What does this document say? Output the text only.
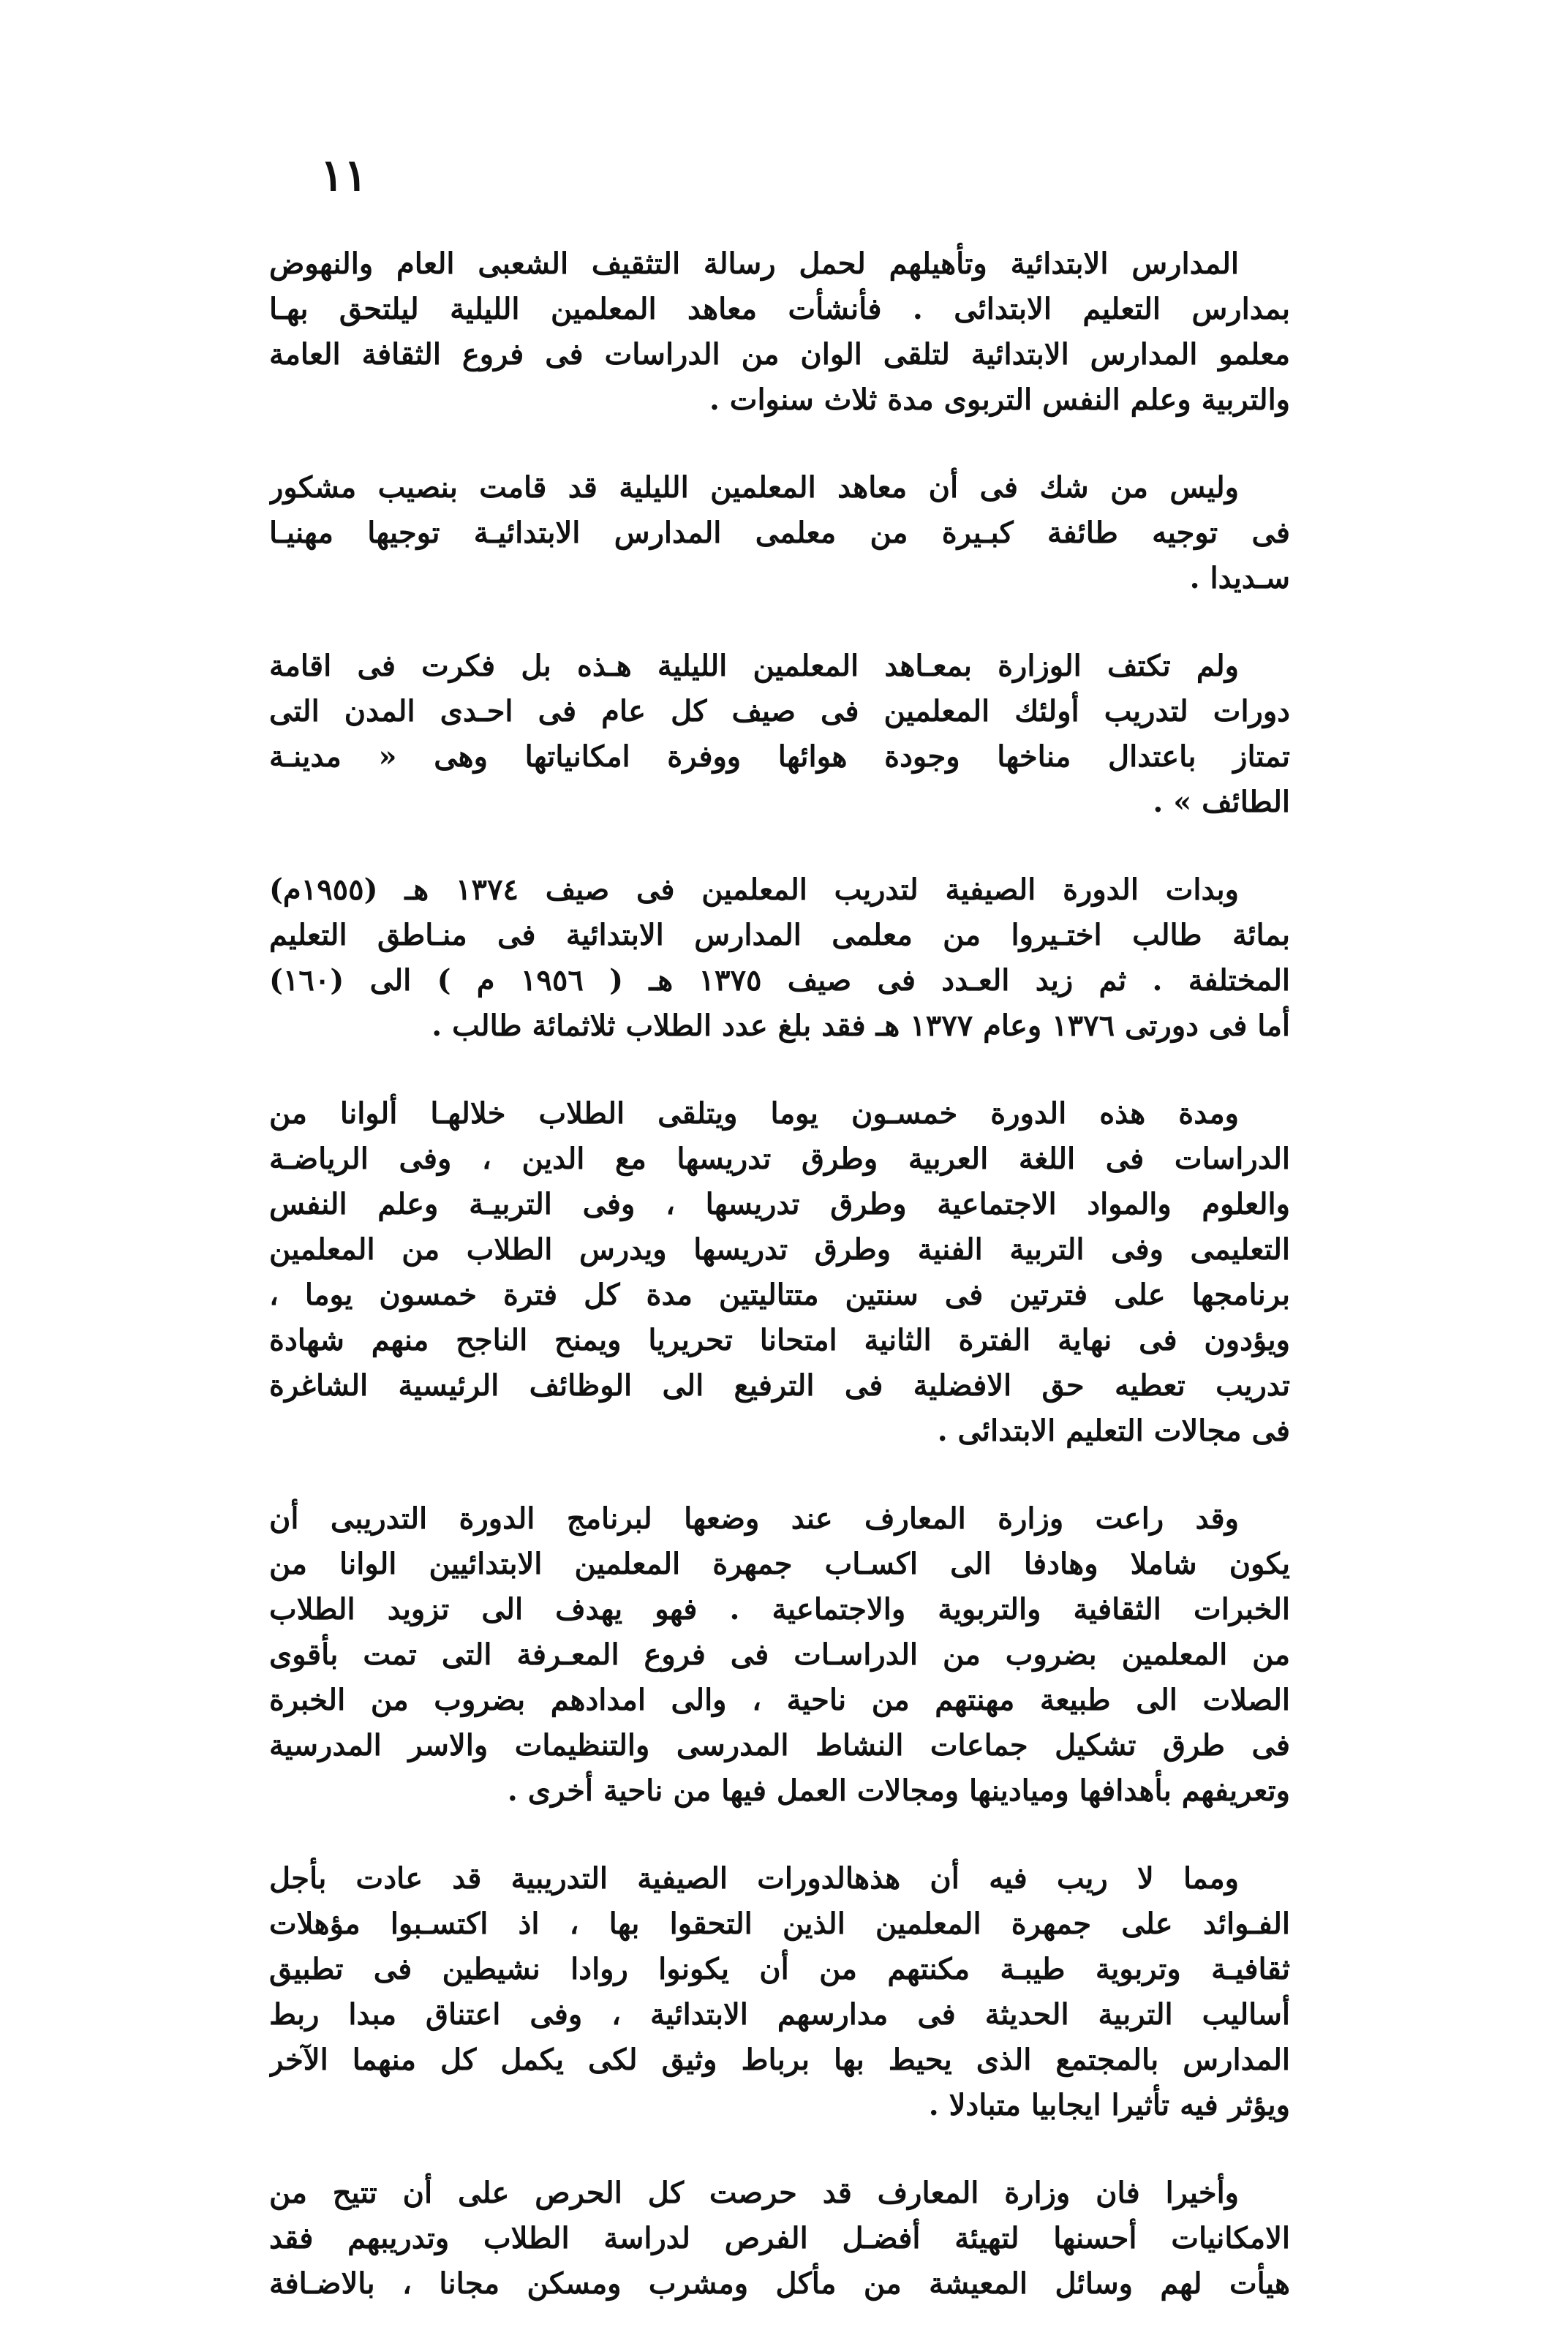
١١
المدارس الابتدائية وتأهيلهم لحمل رسالة التثقيف الشعبى العام والنهوض
بمدارس التعليم الابتدائى . فأنشأت معاهد المعلمين الليلية ليلتحق بهـا
معلمو المدارس الابتدائية لتلقى الوان من الدراسات فى فروع الثقافة العامة
والتربية وعلم النفس التربوى مدة ثلاث سنوات .
وليس من شك فى أن معاهد المعلمين الليلية قد قامت بنصيب مشكور
فى توجيه طائفة كبـيرة من معلمى المدارس الابتدائيـة توجيها مهنيـا
سـديدا .
ولم تكتف الوزارة بمعـاهد المعلمين الليلية هـذه بل فكرت فى اقامة
دورات لتدريب أولئك المعلمين فى صيف كل عام فى احـدى المدن التى
تمتاز باعتدال مناخها وجودة هوائها ووفرة امكانياتها وهى « مدينـة
الطائف » .
وبدات الدورة الصيفية لتدريب المعلمين فى صيف ١٣٧٤ هـ (١٩٥٥م)
بمائة طالب اختـيروا من معلمى المدارس الابتدائية فى منـاطق التعليم
المختلفة . ثم زيد العـدد فى صيف ١٣٧٥ هـ ( ١٩٥٦ م ) الى (١٦٠)
أما فى دورتى ١٣٧٦ وعام ١٣٧٧ هـ فقد بلغ عدد الطلاب ثلاثمائة طالب .
ومدة هذه الدورة خمسـون يوما ويتلقى الطلاب خلالهـا ألوانا من
الدراسات فى اللغة العربية وطرق تدريسها مع الدين ، وفى الرياضـة
والعلوم والمواد الاجتماعية وطرق تدريسها ، وفى التربيـة وعلم النفس
التعليمى وفى التربية الفنية وطرق تدريسها ويدرس الطلاب من المعلمين
برنامجها على فترتين فى سنتين متتاليتين مدة كل فترة خمسون يوما ،
ويؤدون فى نهاية الفترة الثانية امتحانا تحريريا ويمنح الناجح منهم شهادة
تدريب تعطيه حق الافضلية فى الترفيع الى الوظائف الرئيسية الشاغرة
فى مجالات التعليم الابتدائى .
وقد راعت وزارة المعارف عند وضعها لبرنامج الدورة التدريبى أن
يكون شاملا وهادفا الى اكسـاب جمهرة المعلمين الابتدائيين الوانا من
الخبرات الثقافية والتربوية والاجتماعية . فهو يهدف الى تزويد الطلاب
من المعلمين بضروب من الدراسـات فى فروع المعـرفة التى تمت بأقوى
الصلات الى طبيعة مهنتهم من ناحية ، والى امدادهم بضروب من الخبرة
فى طرق تشكيل جماعات النشاط المدرسى والتنظيمات والاسر المدرسية
وتعريفهم بأهدافها وميادينها ومجالات العمل فيها من ناحية أخرى .
ومما لا ريب فيه أن هذهالدورات الصيفية التدريبية قد عادت بأجل
الفـوائد على جمهرة المعلمين الذين التحقوا بها ، اذ اكتسـبوا مؤهلات
ثقافيـة وتربوية طيبـة مكنتهم من أن يكونوا روادا نشيطين فى تطبيق
أساليب التربية الحديثة فى مدارسهم الابتدائية ، وفى اعتناق مبدا ربط
المدارس بالمجتمع الذى يحيط بها برباط وثيق لكى يكمل كل منهما الآخر
ويؤثر فيه تأثيرا ايجابيا متبادلا .
وأخيرا فان وزارة المعارف قد حرصت كل الحرص على أن تتيح من
الامكانيات أحسنها لتهيئة أفضـل الفرص لدراسة الطلاب وتدريبهم فقد
هيأت لهم وسائل المعيشة من مأكل ومشرب ومسكن مجانا ، بالاضـافة
